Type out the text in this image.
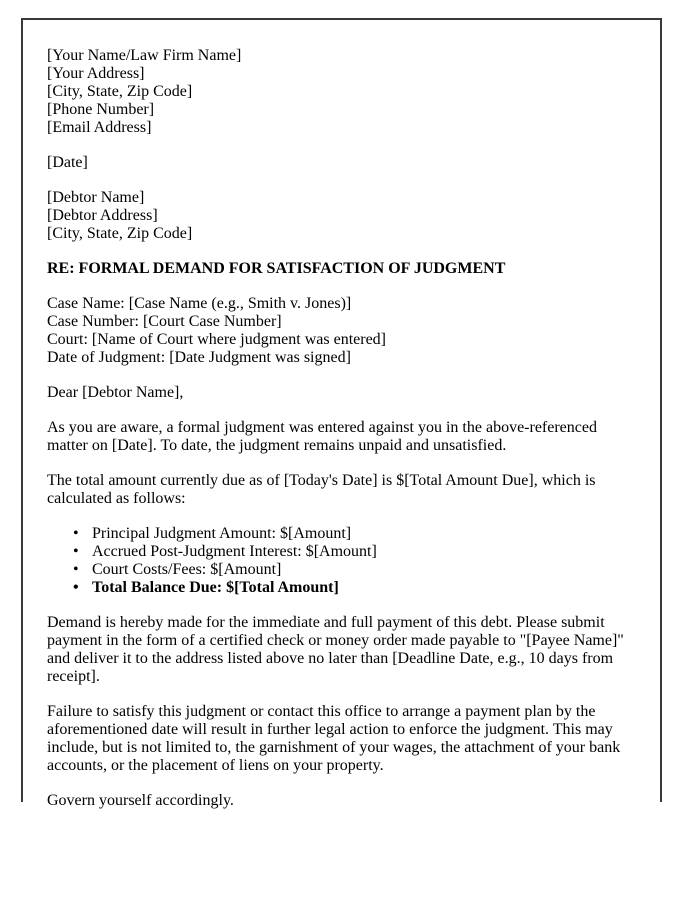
[Your Name/Law Firm Name]
[Your Address]
[City, State, Zip Code]
[Phone Number]
[Email Address]
[Date]
[Debtor Name]
[Debtor Address]
[City, State, Zip Code]
RE: FORMAL DEMAND FOR SATISFACTION OF JUDGMENT
Case Name: [Case Name (e.g., Smith v. Jones)]
Case Number: [Court Case Number]
Court: [Name of Court where judgment was entered]
Date of Judgment: [Date Judgment was signed]
Dear [Debtor Name],

As you are aware, a formal judgment was entered against you in the above-referenced matter on [Date]. To date, the judgment remains unpaid and unsatisfied.

The total amount currently due as of [Today's Date] is $[Total Amount Due], which is calculated as follows:

• Principal Judgment Amount: $[Amount]
• Accrued Post-Judgment Interest: $[Amount]
• Court Costs/Fees: $[Amount]
• Total Balance Due: $[Total Amount]

Demand is hereby made for the immediate and full payment of this debt. Please submit payment in the form of a certified check or money order made payable to "[Payee Name]" and deliver it to the address listed above no later than [Deadline Date, e.g., 10 days from receipt].

Failure to satisfy this judgment or contact this office to arrange a payment plan by the aforementioned date will result in further legal action to enforce the judgment. This may include, but is not limited to, the garnishment of your wages, the attachment of your bank accounts, or the placement of liens on your property.

Govern yourself accordingly.
